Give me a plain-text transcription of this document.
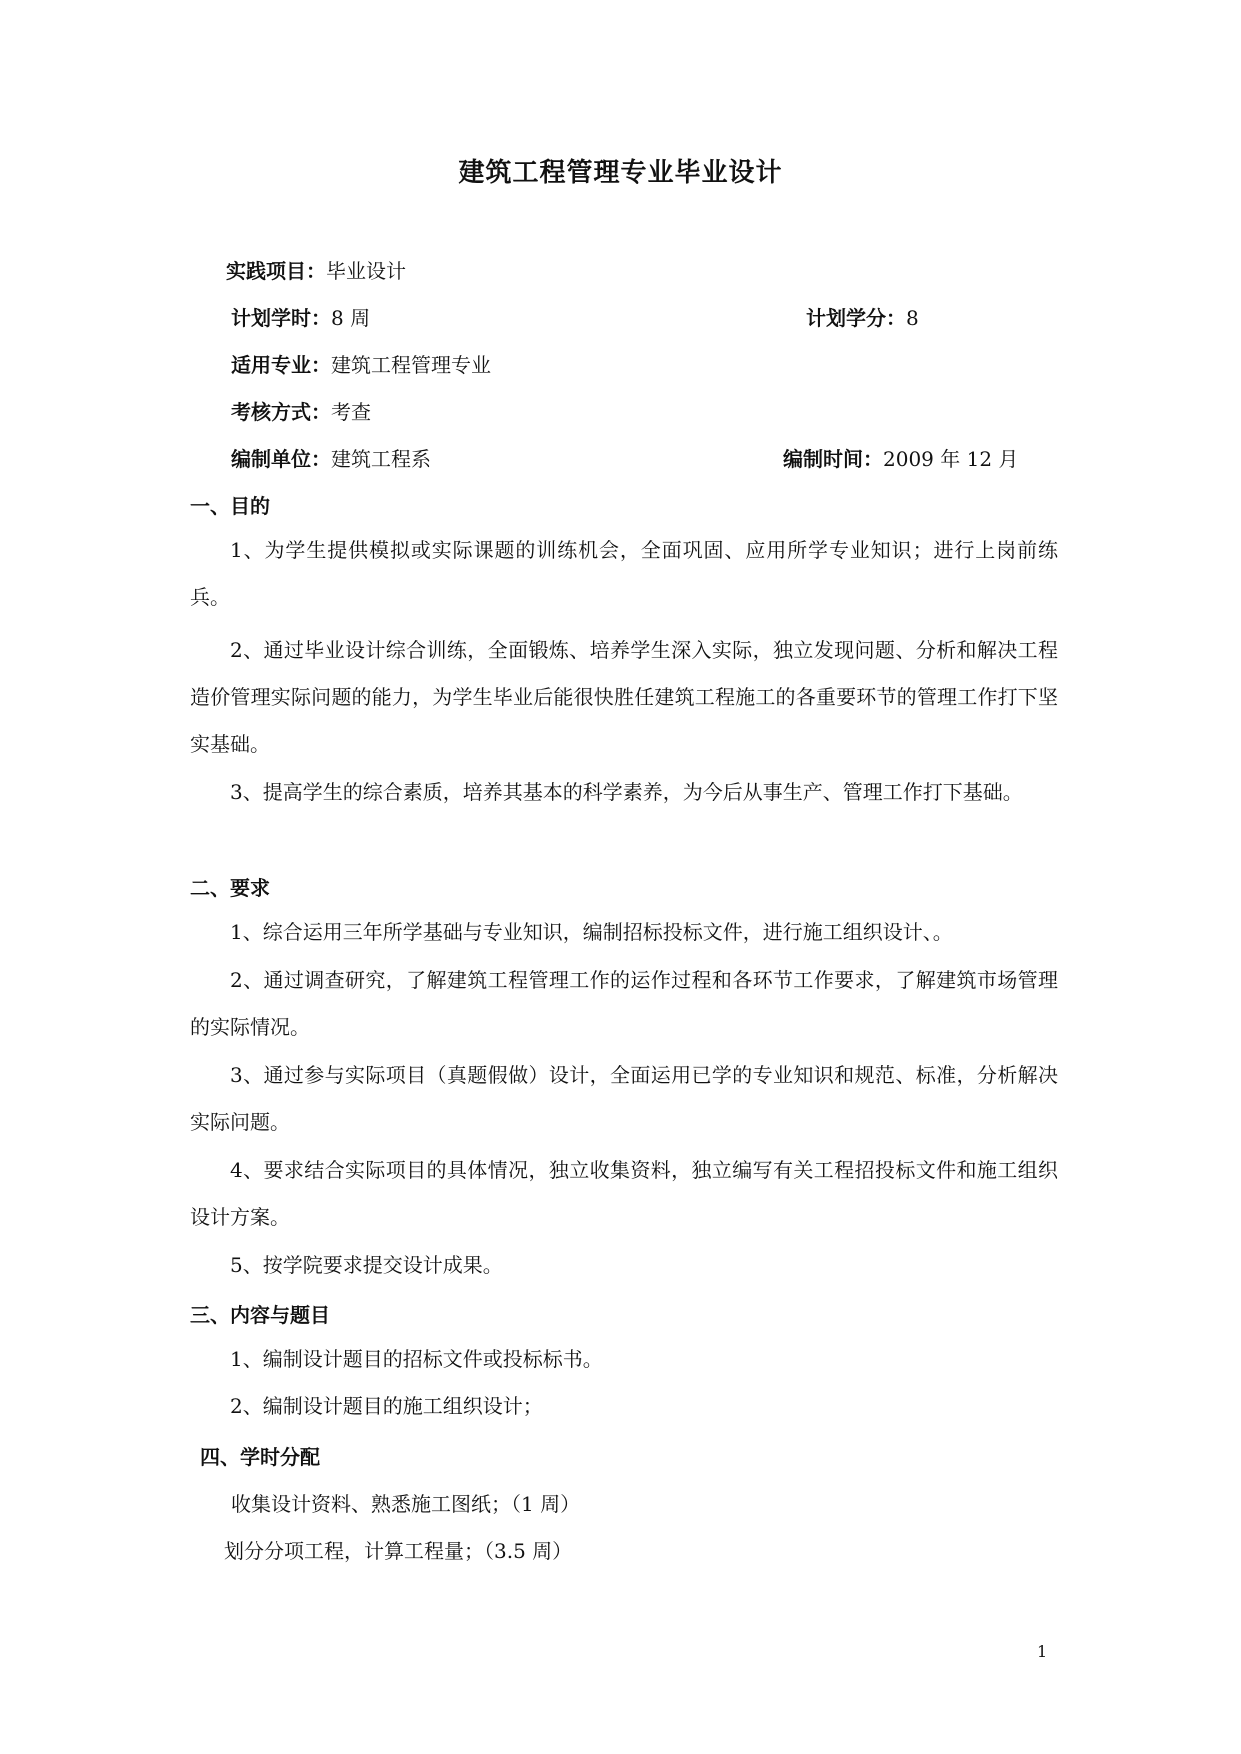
建筑工程管理专业毕业设计
实践项目：毕业设计
计划学时：8 周	计划学分：8
适用专业：建筑工程管理专业
考核方式：考查
编制单位：建筑工程系	编制时间：2009 年 12 月
一、目的

1、为学生提供模拟或实际课题的训练机会，全面巩固、应用所学专业知识；进行上岗前练兵。

2、通过毕业设计综合训练，全面锻炼、培养学生深入实际，独立发现问题、分析和解决工程造价管理实际问题的能力，为学生毕业后能很快胜任建筑工程施工的各重要环节的管理工作打下坚实基础。

3、提高学生的综合素质，培养其基本的科学素养，为今后从事生产、管理工作打下基础。

二、要求

1、综合运用三年所学基础与专业知识，编制招标投标文件，进行施工组织设计、。

2、通过调查研究，了解建筑工程管理工作的运作过程和各环节工作要求，了解建筑市场管理的实际情况。

3、通过参与实际项目（真题假做）设计，全面运用已学的专业知识和规范、标准，分析解决实际问题。

4、要求结合实际项目的具体情况，独立收集资料，独立编写有关工程招投标文件和施工组织设计方案。

5、按学院要求提交设计成果。

三、内容与题目

1、编制设计题目的招标文件或投标标书。

2、编制设计题目的施工组织设计；

四、学时分配
收集设计资料、熟悉施工图纸；（1 周）
划分分项工程，计算工程量；（3.5 周）
1
